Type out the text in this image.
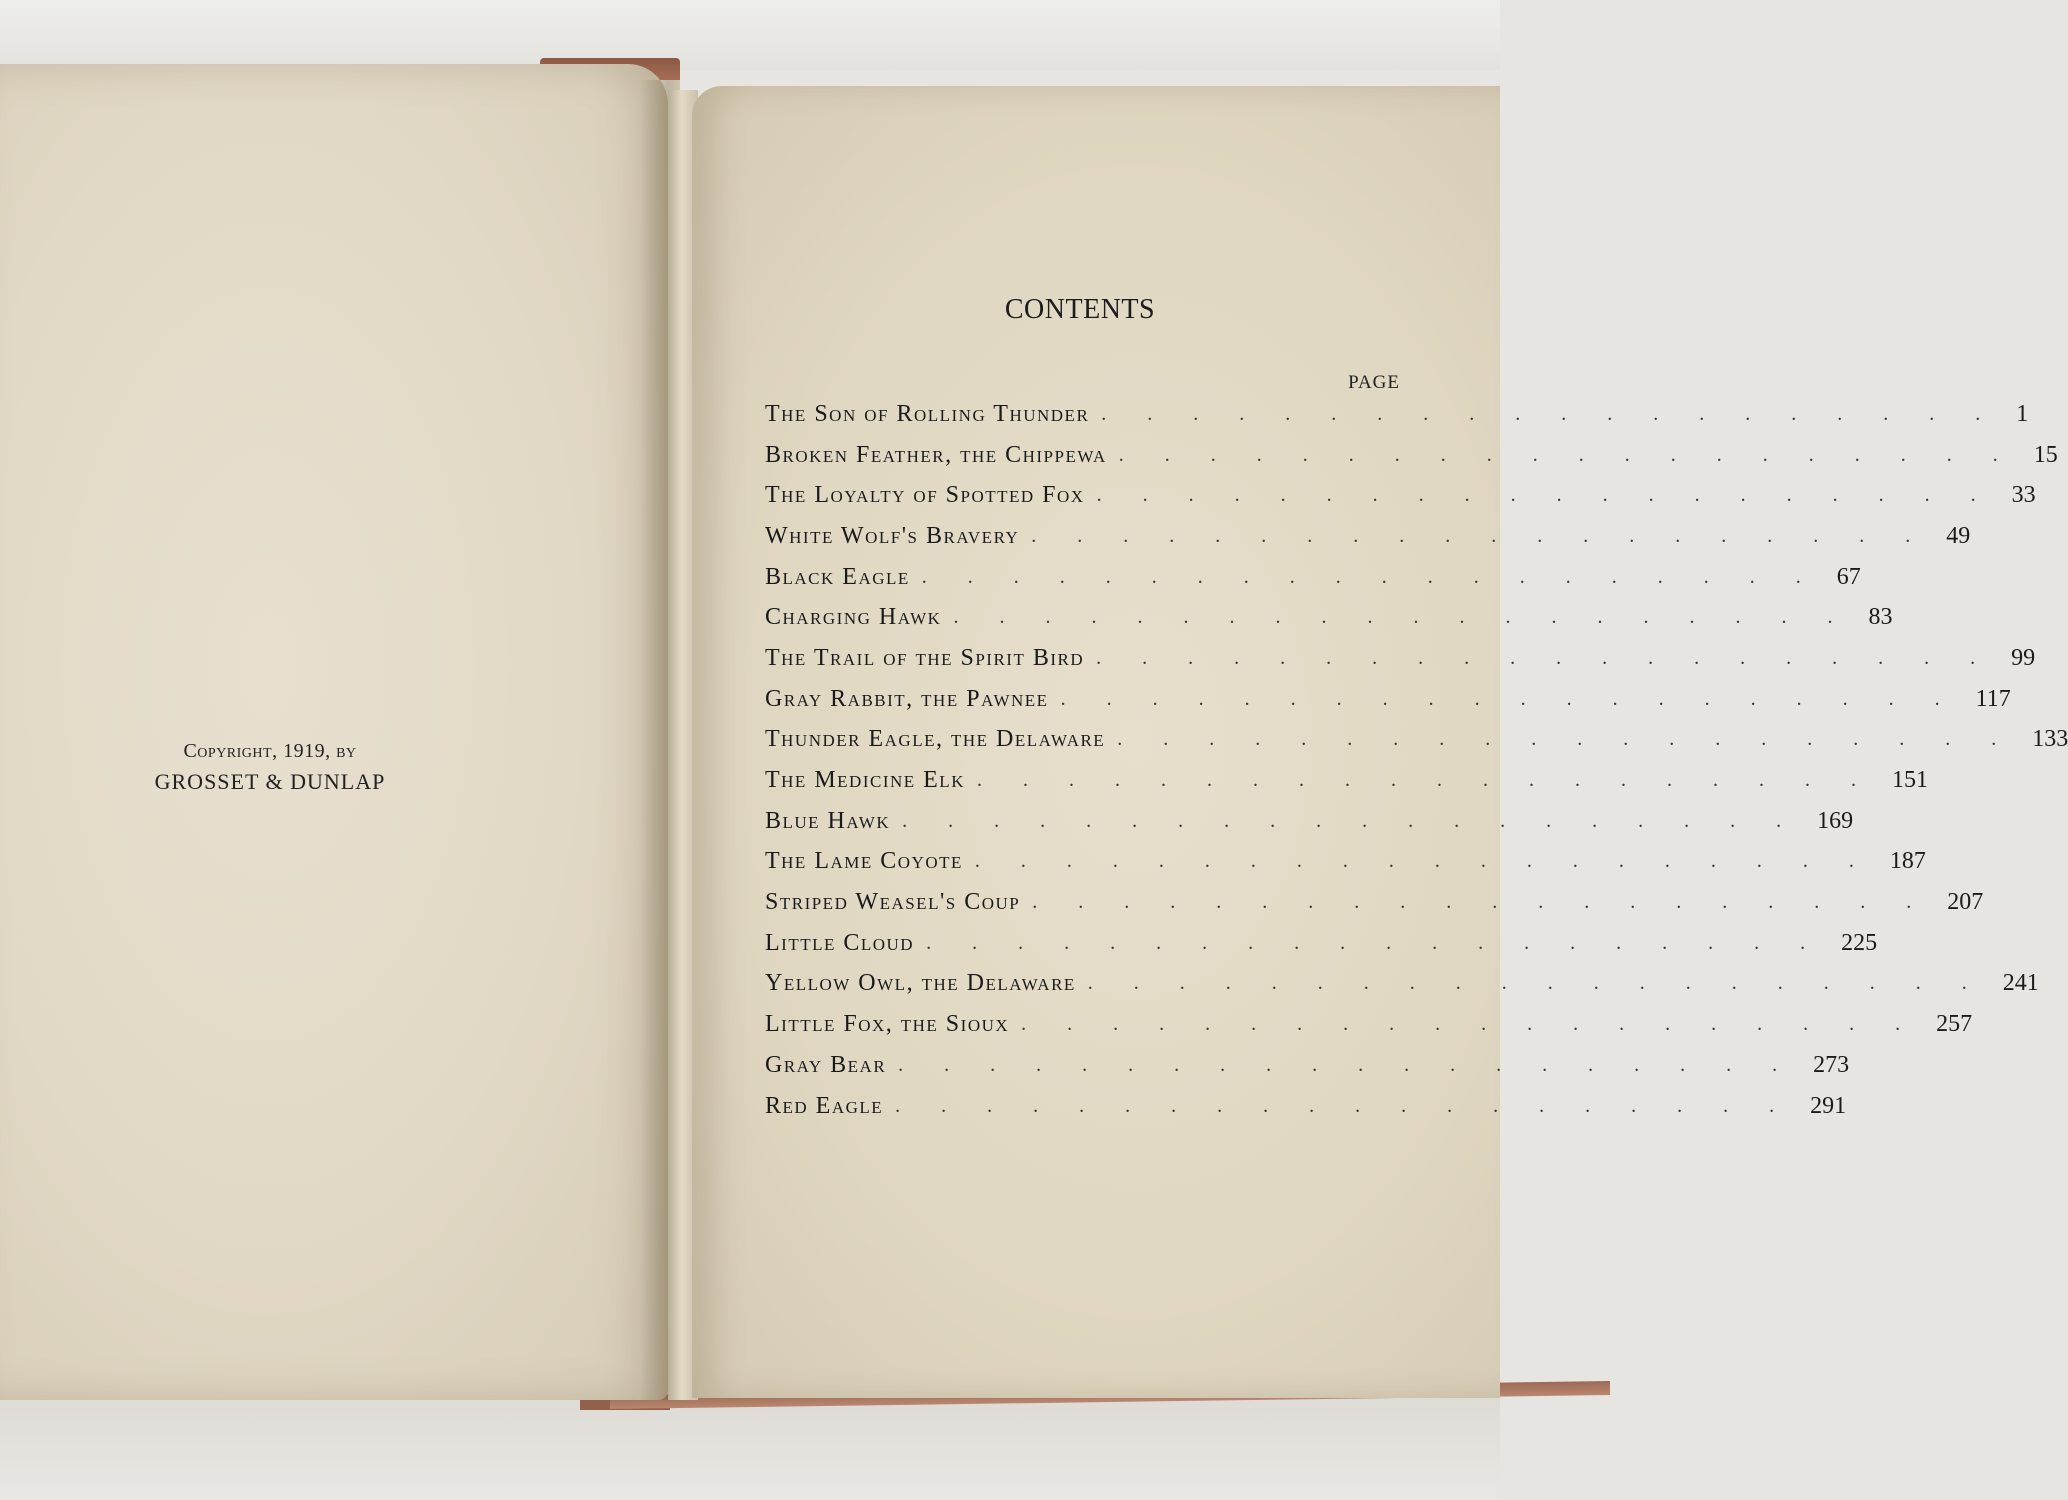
Copyright, 1919, by
GROSSET & DUNLAP
CONTENTS
PAGE
The Son of Rolling Thunder . . . . . . . . . . . . . . . . . . . . 1
Broken Feather, the Chippewa . . . . . . . . . . . . . . . . . . . . 15
The Loyalty of Spotted Fox . . . . . . . . . . . . . . . . . . . . 33
White Wolf's Bravery . . . . . . . . . . . . . . . . . . . . 49
Black Eagle . . . . . . . . . . . . . . . . . . . . 67
Charging Hawk . . . . . . . . . . . . . . . . . . . . 83
The Trail of the Spirit Bird . . . . . . . . . . . . . . . . . . . . 99
Gray Rabbit, the Pawnee . . . . . . . . . . . . . . . . . . . . 117
Thunder Eagle, the Delaware . . . . . . . . . . . . . . . . . . . . 133
The Medicine Elk . . . . . . . . . . . . . . . . . . . . 151
Blue Hawk . . . . . . . . . . . . . . . . . . . . 169
The Lame Coyote . . . . . . . . . . . . . . . . . . . . 187
Striped Weasel's Coup . . . . . . . . . . . . . . . . . . . . 207
Little Cloud . . . . . . . . . . . . . . . . . . . . 225
Yellow Owl, the Delaware . . . . . . . . . . . . . . . . . . . . 241
Little Fox, the Sioux . . . . . . . . . . . . . . . . . . . . 257
Gray Bear . . . . . . . . . . . . . . . . . . . . 273
Red Eagle . . . . . . . . . . . . . . . . . . . . 291
